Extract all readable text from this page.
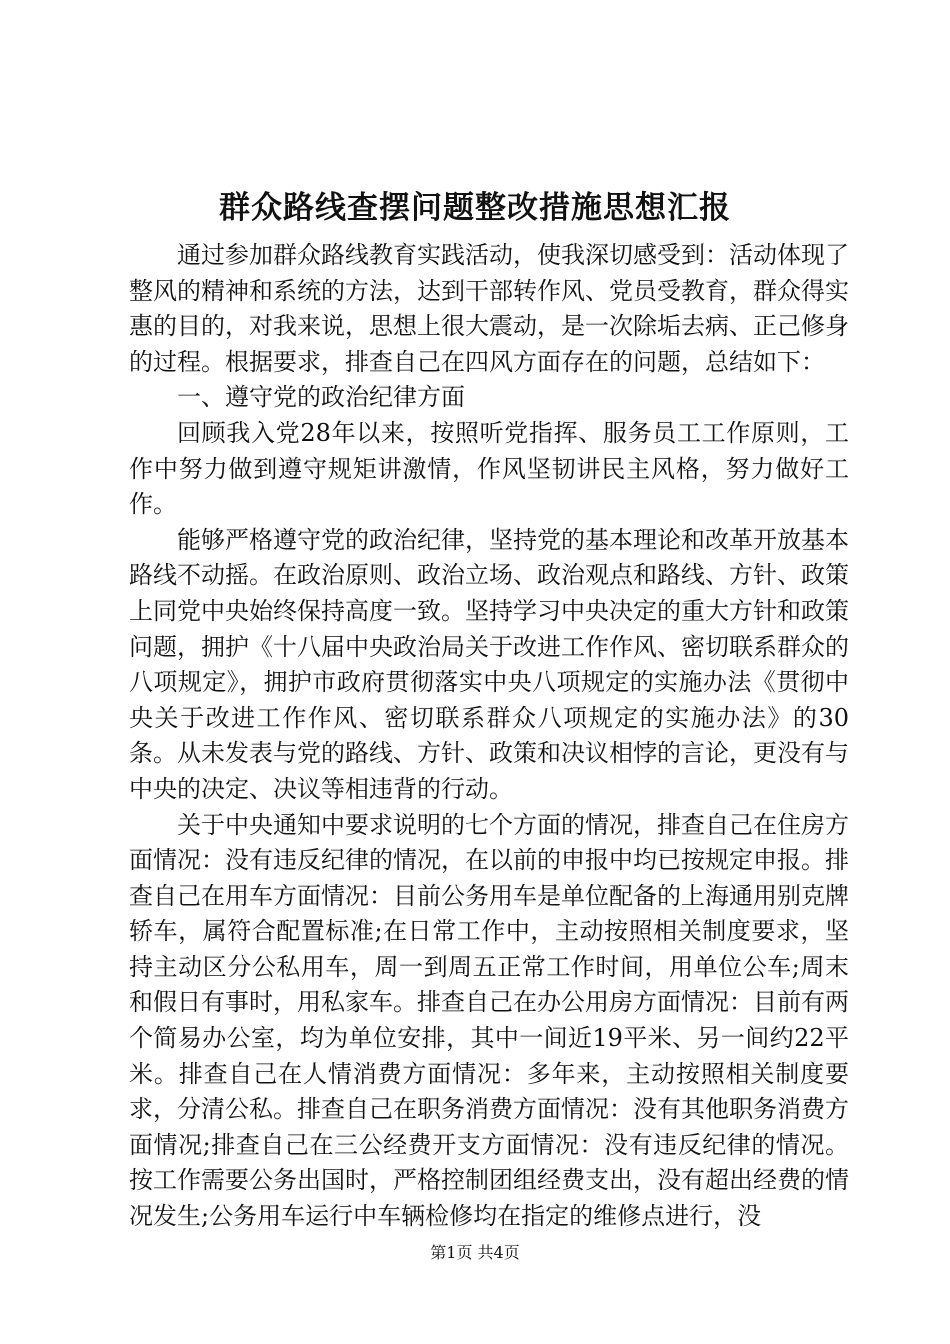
群众路线查摆问题整改措施思想汇报

通过参加群众路线教育实践活动，使我深切感受到：活动体现了整风的精神和系统的方法，达到干部转作风、党员受教育，群众得实惠的目的，对我来说，思想上很大震动，是一次除垢去病、正己修身的过程。根据要求，排查自己在四风方面存在的问题，总结如下：

一、遵守党的政治纪律方面

回顾我入党28年以来，按照听党指挥、服务员工工作原则，工作中努力做到遵守规矩讲激情，作风坚韧讲民主风格，努力做好工作。

能够严格遵守党的政治纪律，坚持党的基本理论和改革开放基本路线不动摇。在政治原则、政治立场、政治观点和路线、方针、政策上同党中央始终保持高度一致。坚持学习中央决定的重大方针和政策问题，拥护《十八届中央政治局关于改进工作作风、密切联系群众的八项规定》，拥护市政府贯彻落实中央八项规定的实施办法《贯彻中央关于改进工作作风、密切联系群众八项规定的实施办法》的30条。从未发表与党的路线、方针、政策和决议相悖的言论，更没有与中央的决定、决议等相违背的行动。

关于中央通知中要求说明的七个方面的情况，排查自己在住房方面情况：没有违反纪律的情况，在以前的申报中均已按规定申报。排查自己在用车方面情况：目前公务用车是单位配备的上海通用别克牌轿车，属符合配置标准;在日常工作中，主动按照相关制度要求，坚持主动区分公私用车，周一到周五正常工作时间，用单位公车;周末和假日有事时，用私家车。排查自己在办公用房方面情况：目前有两个简易办公室，均为单位安排，其中一间近19平米、另一间约22平米。排查自己在人情消费方面情况：多年来，主动按照相关制度要求，分清公私。排查自己在职务消费方面情况：没有其他职务消费方面情况;排查自己在三公经费开支方面情况：没有违反纪律的情况。按工作需要公务出国时，严格控制团组经费支出，没有超出经费的情况发生;公务用车运行中车辆检修均在指定的维修点进行，没

第1页 共4页
